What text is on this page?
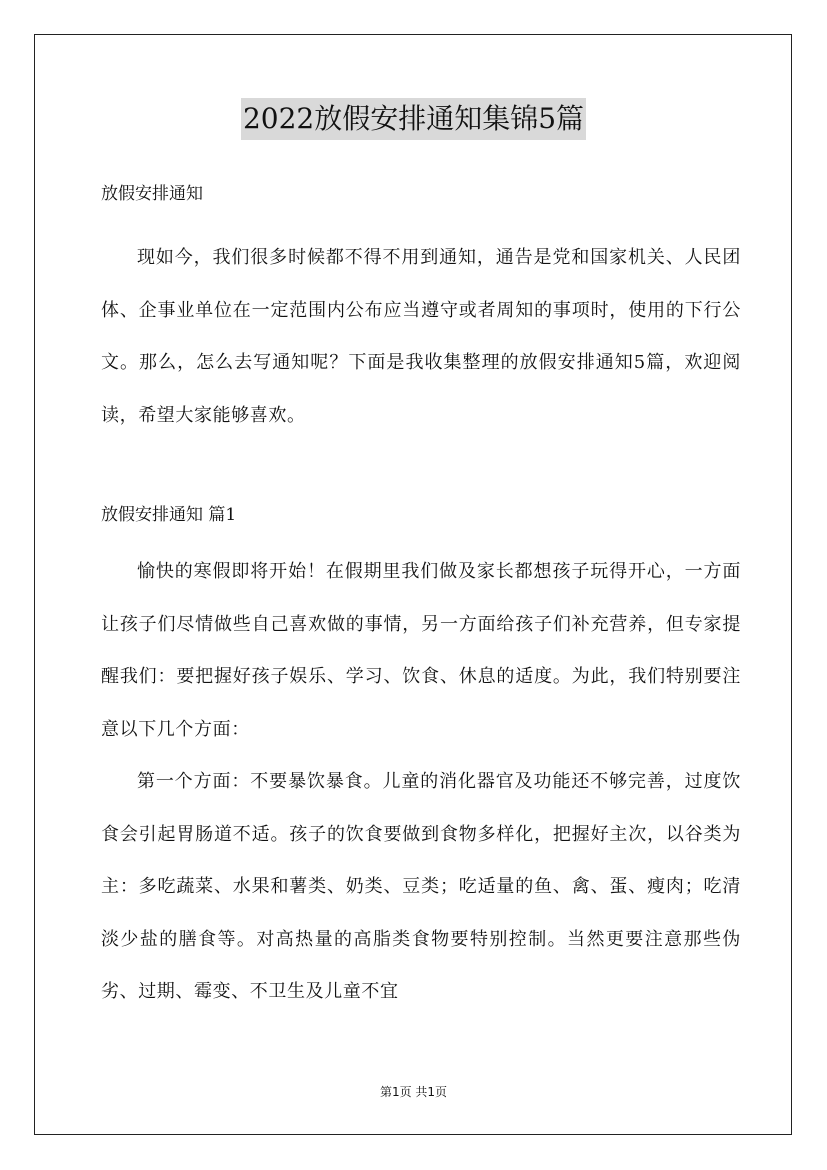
2022放假安排通知集锦5篇

放假安排通知

现如今，我们很多时候都不得不用到通知，通告是党和国家机关、人民团体、企事业单位在一定范围内公布应当遵守或者周知的事项时，使用的下行公文。那么，怎么去写通知呢？下面是我收集整理的放假安排通知5篇，欢迎阅读，希望大家能够喜欢。

放假安排通知 篇1

愉快的寒假即将开始！在假期里我们做及家长都想孩子玩得开心，一方面让孩子们尽情做些自己喜欢做的事情，另一方面给孩子们补充营养，但专家提醒我们：要把握好孩子娱乐、学习、饮食、休息的适度。为此，我们特别要注意以下几个方面：

第一个方面：不要暴饮暴食。儿童的消化器官及功能还不够完善，过度饮食会引起胃肠道不适。孩子的饮食要做到食物多样化，把握好主次，以谷类为主：多吃蔬菜、水果和薯类、奶类、豆类；吃适量的鱼、禽、蛋、瘦肉；吃清淡少盐的膳食等。对高热量的高脂类食物要特别控制。当然更要注意那些伪劣、过期、霉变、不卫生及儿童不宜

第1页 共1页
